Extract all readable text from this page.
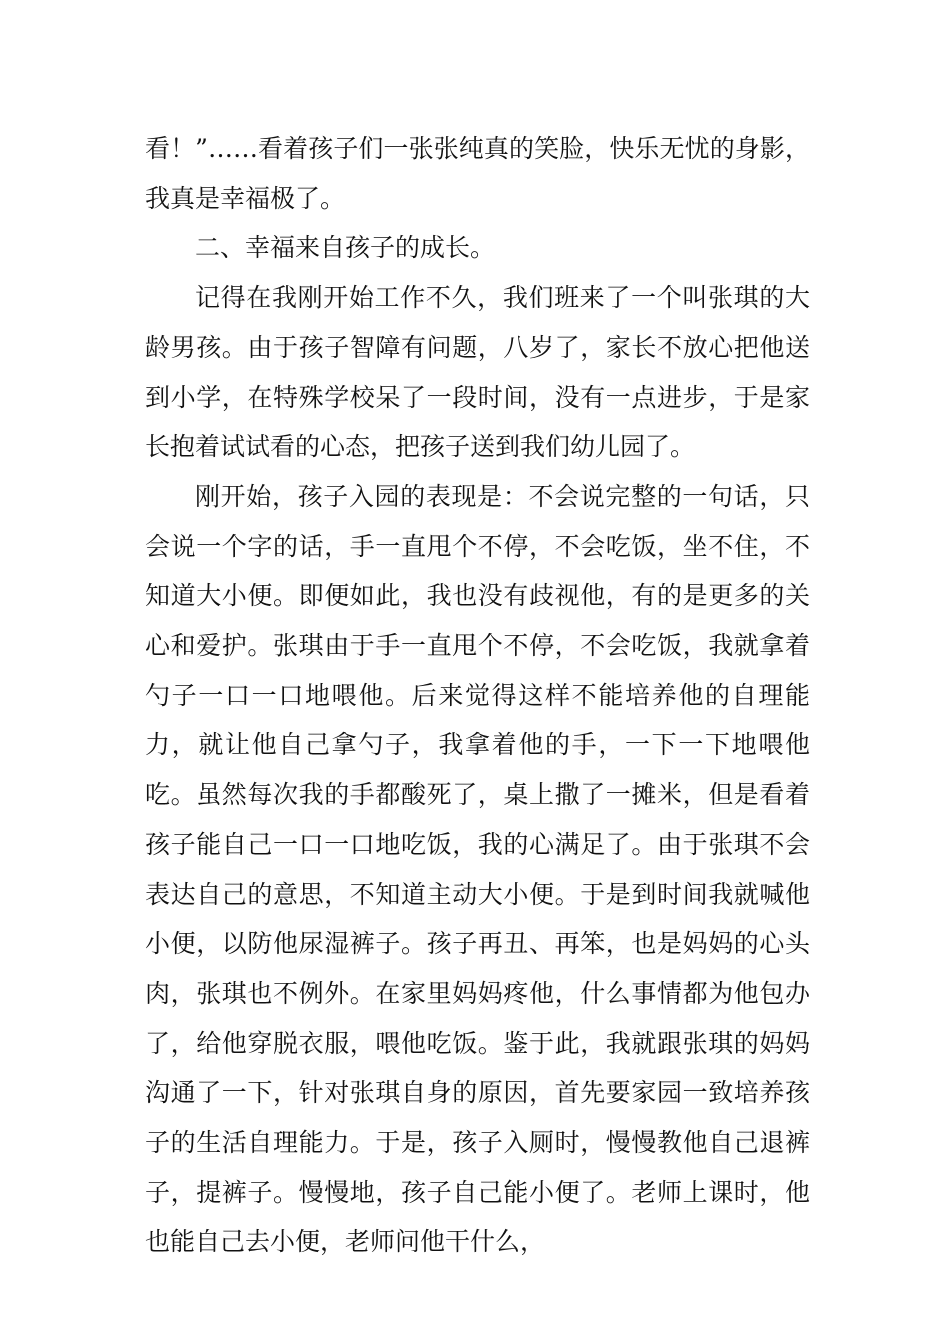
看！”……看着孩子们一张张纯真的笑脸，快乐无忧的身影，我真是幸福极了。

二、幸福来自孩子的成长。

记得在我刚开始工作不久，我们班来了一个叫张琪的大龄男孩。由于孩子智障有问题，八岁了，家长不放心把他送到小学，在特殊学校呆了一段时间，没有一点进步，于是家长抱着试试看的心态，把孩子送到我们幼儿园了。

刚开始，孩子入园的表现是：不会说完整的一句话，只会说一个字的话，手一直甩个不停，不会吃饭，坐不住，不知道大小便。即便如此，我也没有歧视他，有的是更多的关心和爱护。张琪由于手一直甩个不停，不会吃饭，我就拿着勺子一口一口地喂他。后来觉得这样不能培养他的自理能力，就让他自己拿勺子，我拿着他的手，一下一下地喂他吃。虽然每次我的手都酸死了，桌上撒了一摊米，但是看着孩子能自己一口一口地吃饭，我的心满足了。由于张琪不会表达自己的意思，不知道主动大小便。于是到时间我就喊他小便，以防他尿湿裤子。孩子再丑、再笨，也是妈妈的心头肉，张琪也不例外。在家里妈妈疼他，什么事情都为他包办了，给他穿脱衣服，喂他吃饭。鉴于此，我就跟张琪的妈妈沟通了一下，针对张琪自身的原因，首先要家园一致培养孩子的生活自理能力。于是，孩子入厕时，慢慢教他自己退裤子，提裤子。慢慢地，孩子自己能小便了。老师上课时，他也能自己去小便，老师问他干什么，
